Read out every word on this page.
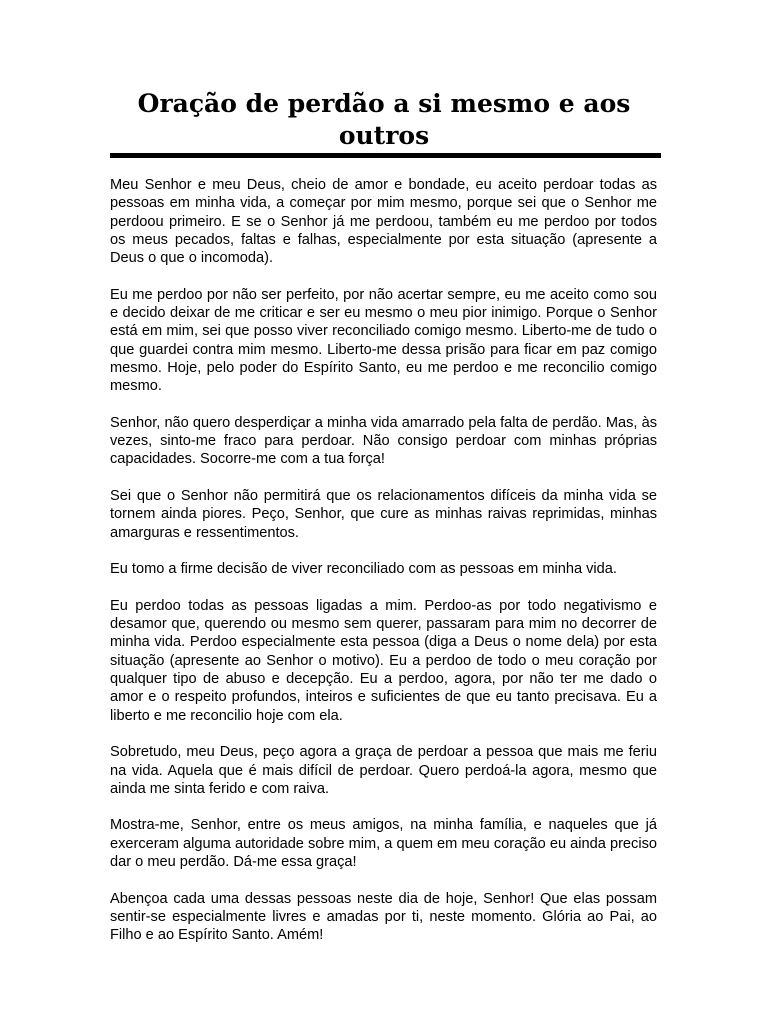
Oração de perdão a si mesmo e aos outros

Meu Senhor e meu Deus, cheio de amor e bondade, eu aceito perdoar todas as pessoas em minha vida, a começar por mim mesmo, porque sei que o Senhor me perdoou primeiro. E se o Senhor já me perdoou, também eu me perdoo por todos os meus pecados, faltas e falhas, especialmente por esta situação (apresente a Deus o que o incomoda).

Eu me perdoo por não ser perfeito, por não acertar sempre, eu me aceito como sou e decido deixar de me criticar e ser eu mesmo o meu pior inimigo. Porque o Senhor está em mim, sei que posso viver reconciliado comigo mesmo. Liberto-me de tudo o que guardei contra mim mesmo. Liberto-me dessa prisão para ficar em paz comigo mesmo. Hoje, pelo poder do Espírito Santo, eu me perdoo e me reconcilio comigo mesmo.

Senhor, não quero desperdiçar a minha vida amarrado pela falta de perdão. Mas, às vezes, sinto-me fraco para perdoar. Não consigo perdoar com minhas próprias capacidades. Socorre-me com a tua força!

Sei que o Senhor não permitirá que os relacionamentos difíceis da minha vida se tornem ainda piores. Peço, Senhor, que cure as minhas raivas reprimidas, minhas amarguras e ressentimentos.

Eu tomo a firme decisão de viver reconciliado com as pessoas em minha vida.

Eu perdoo todas as pessoas ligadas a mim. Perdoo-as por todo negativismo e desamor que, querendo ou mesmo sem querer, passaram para mim no decorrer de minha vida. Perdoo especialmente esta pessoa (diga a Deus o nome dela) por esta situação (apresente ao Senhor o motivo). Eu a perdoo de todo o meu coração por qualquer tipo de abuso e decepção. Eu a perdoo, agora, por não ter me dado o amor e o respeito profundos, inteiros e suficientes de que eu tanto precisava. Eu a liberto e me reconcilio hoje com ela.

Sobretudo, meu Deus, peço agora a graça de perdoar a pessoa que mais me feriu na vida. Aquela que é mais difícil de perdoar. Quero perdoá-la agora, mesmo que ainda me sinta ferido e com raiva.

Mostra-me, Senhor, entre os meus amigos, na minha família, e naqueles que já exerceram alguma autoridade sobre mim, a quem em meu coração eu ainda preciso dar o meu perdão. Dá-me essa graça!

Abençoa cada uma dessas pessoas neste dia de hoje, Senhor! Que elas possam sentir-se especialmente livres e amadas por ti, neste momento. Glória ao Pai, ao Filho e ao Espírito Santo. Amém!
